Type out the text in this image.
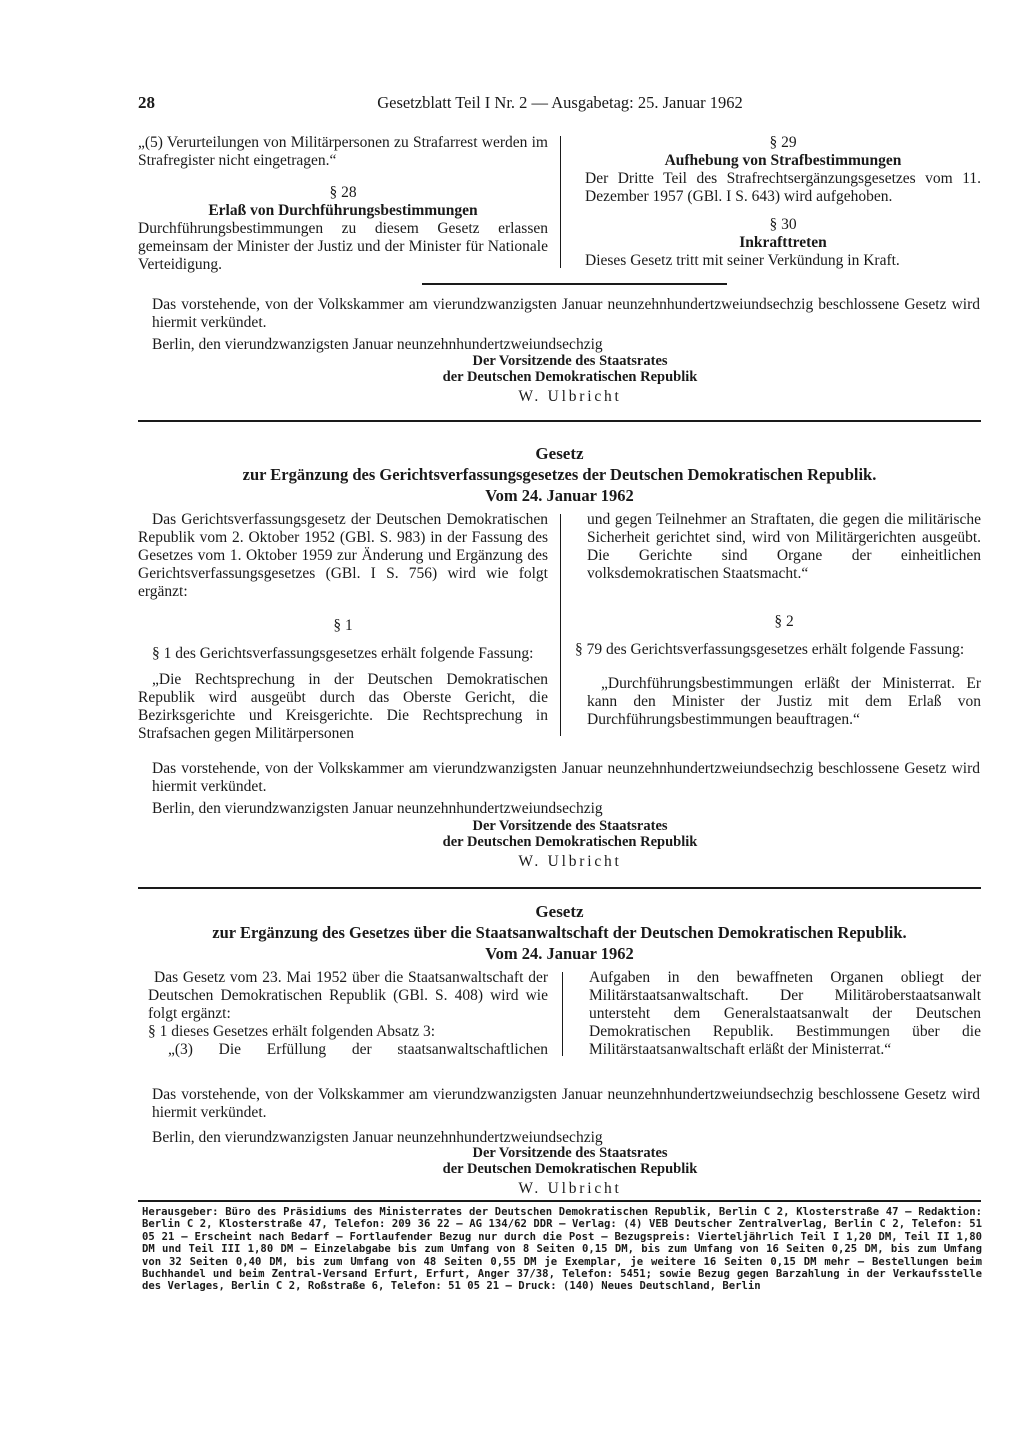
28	Gesetzblatt Teil I Nr. 2 — Ausgabetag: 25. Januar 1962

„(5) Verurteilungen von Militärpersonen zu Strafarrest werden im Strafregister nicht eingetragen.“

§ 28

Erlaß von Durchführungsbestimmungen

Durchführungsbestimmungen zu diesem Gesetz erlassen gemeinsam der Minister der Justiz und der Minister für Nationale Verteidigung.

§ 29

Aufhebung von Strafbestimmungen

Der Dritte Teil des Strafrechtsergänzungsgesetzes vom 11. Dezember 1957 (GBl. I S. 643) wird aufgehoben.

§ 30

Inkrafttreten

Dieses Gesetz tritt mit seiner Verkündung in Kraft.

Das vorstehende, von der Volkskammer am vierundzwanzigsten Januar neunzehnhundertzweiundsechzig beschlossene Gesetz wird hiermit verkündet.

Berlin, den vierundzwanzigsten Januar neunzehnhundertzweiundsechzig

Der Vorsitzende des Staatsrates

der Deutschen Demokratischen Republik

W. Ulbricht

Gesetz

zur Ergänzung des Gerichtsverfassungsgesetzes der Deutschen Demokratischen Republik.

Vom 24. Januar 1962

Das Gerichtsverfassungsgesetz der Deutschen Demokratischen Republik vom 2. Oktober 1952 (GBl. S. 983) in der Fassung des Gesetzes vom 1. Oktober 1959 zur Änderung und Ergänzung des Gerichtsverfassungsgesetzes (GBl. I S. 756) wird wie folgt ergänzt:

§ 1

§ 1 des Gerichtsverfassungsgesetzes erhält folgende Fassung:

„Die Rechtsprechung in der Deutschen Demokratischen Republik wird ausgeübt durch das Oberste Gericht, die Bezirksgerichte und Kreisgerichte. Die Rechtsprechung in Strafsachen gegen Militärpersonen

und gegen Teilnehmer an Straftaten, die gegen die militärische Sicherheit gerichtet sind, wird von Militärgerichten ausgeübt. Die Gerichte sind Organe der einheitlichen volksdemokratischen Staatsmacht.“

§ 2

§ 79 des Gerichtsverfassungsgesetzes erhält folgende Fassung:

„Durchführungsbestimmungen erläßt der Ministerrat. Er kann den Minister der Justiz mit dem Erlaß von Durchführungsbestimmungen beauftragen.“

Das vorstehende, von der Volkskammer am vierundzwanzigsten Januar neunzehnhundertzweiundsechzig beschlossene Gesetz wird hiermit verkündet.

Berlin, den vierundzwanzigsten Januar neunzehnhundertzweiundsechzig

Der Vorsitzende des Staatsrates

der Deutschen Demokratischen Republik

W. Ulbricht

Gesetz

zur Ergänzung des Gesetzes über die Staatsanwaltschaft der Deutschen Demokratischen Republik.

Vom 24. Januar 1962

Das Gesetz vom 23. Mai 1952 über die Staatsanwaltschaft der Deutschen Demokratischen Republik (GBl. S. 408) wird wie folgt ergänzt:

§ 1 dieses Gesetzes erhält folgenden Absatz 3:

„(3) Die Erfüllung der staatsanwaltschaftlichen

Aufgaben in den bewaffneten Organen obliegt der Militärstaatsanwaltschaft. Der Militäroberstaatsanwalt untersteht dem Generalstaatsanwalt der Deutschen Demokratischen Republik. Bestimmungen über die Militärstaatsanwaltschaft erläßt der Ministerrat.“

Das vorstehende, von der Volkskammer am vierundzwanzigsten Januar neunzehnhundertzweiundsechzig beschlossene Gesetz wird hiermit verkündet.

Berlin, den vierundzwanzigsten Januar neunzehnhundertzweiundsechzig

Der Vorsitzende des Staatsrates

der Deutschen Demokratischen Republik

W. Ulbricht

Herausgeber: Büro des Präsidiums des Ministerrates der Deutschen Demokratischen Republik, Berlin C 2, Klosterstraße 47 — Redaktion: Berlin C 2, Klosterstraße 47, Telefon: 209 36 22 — AG 134/62 DDR — Verlag: (4) VEB Deutscher Zentralverlag, Berlin C 2, Telefon: 51 05 21 — Erscheint nach Bedarf — Fortlaufender Bezug nur durch die Post — Bezugspreis: Vierteljährlich Teil I 1,20 DM, Teil II 1,80 DM und Teil III 1,80 DM — Einzelabgabe bis zum Umfang von 8 Seiten 0,15 DM, bis zum Umfang von 16 Seiten 0,25 DM, bis zum Umfang von 32 Seiten 0,40 DM, bis zum Umfang von 48 Seiten 0,55 DM je Exemplar, je weitere 16 Seiten 0,15 DM mehr — Bestellungen beim Buchhandel und beim Zentral-Versand Erfurt, Erfurt, Anger 37/38, Telefon: 5451; sowie Bezug gegen Barzahlung in der Verkaufsstelle des Verlages, Berlin C 2, Roßstraße 6, Telefon: 51 05 21 — Druck: (140) Neues Deutschland, Berlin
